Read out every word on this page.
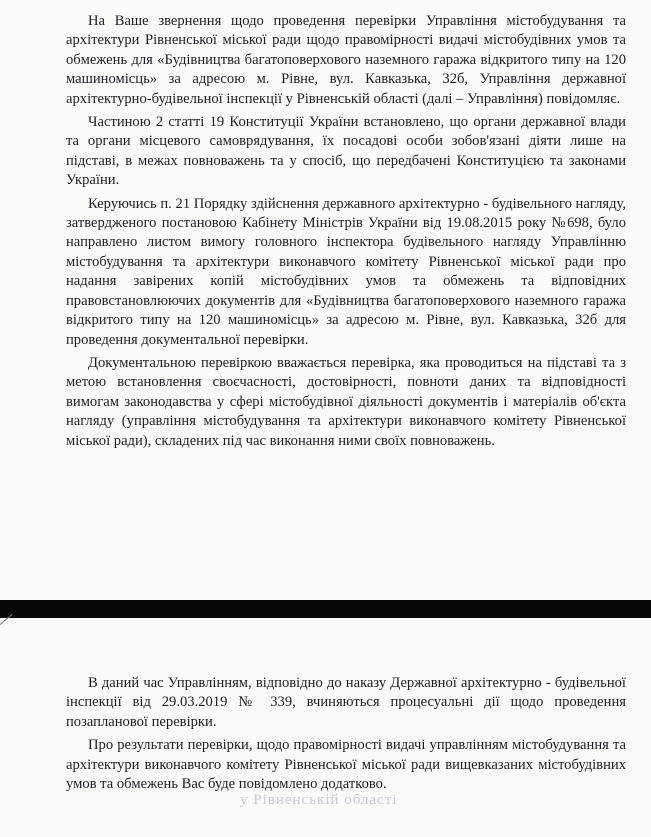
На Ваше звернення щодо проведення перевірки Управління містобудування та архітектури Рівненської міської ради щодо правомірності видачі містобудівних умов та обмежень для «Будівництва багатоповерхового наземного гаража відкритого типу на 120 машиномісць» за адресою м. Рівне, вул. Кавказька, 32б, Управління державної архітектурно-будівельної інспекції у Рівненській області (далі – Управління) повідомляє.

Частиною 2 статті 19 Конституції України встановлено, що органи державної влади та органи місцевого самоврядування, їх посадові особи зобов'язані діяти лише на підставі, в межах повноважень та у спосіб, що передбачені Конституцією та законами України.

Керуючись п. 21 Порядку здійснення державного архітектурно - будівельного нагляду, затвердженого постановою Кабінету Міністрів України від 19.08.2015 року №698, було направлено листом вимогу головного інспектора будівельного нагляду Управлінню містобудування та архітектури виконавчого комітету Рівненської міської ради про надання завірених копій містобудівних умов та обмежень та відповідних правовстановлюючих документів для «Будівництва багатоповерхового наземного гаража відкритого типу на 120 машиномісць» за адресою м. Рівне, вул. Кавказька, 32б для проведення документальної перевірки.

Документальною перевіркою вважається перевірка, яка проводиться на підставі та з метою встановлення своєчасності, достовірності, повноти даних та відповідності вимогам законодавства у сфері містобудівної діяльності документів і матеріалів об'єкта нагляду (управління містобудування та архітектури виконавчого комітету Рівненської міської ради), складених під час виконання ними своїх повноважень.

у Рівненській області

В даний час Управлінням, відповідно до наказу Державної архітектурно - будівельної інспекції від 29.03.2019 № 339, вчиняються процесуальні дії щодо проведення позапланової перевірки.

Про результати перевірки, щодо правомірності видачі управлінням містобудування та архітектури виконавчого комітету Рівненської міської ради вищевказаних містобудівних умов та обмежень Вас буде повідомлено додатково.
